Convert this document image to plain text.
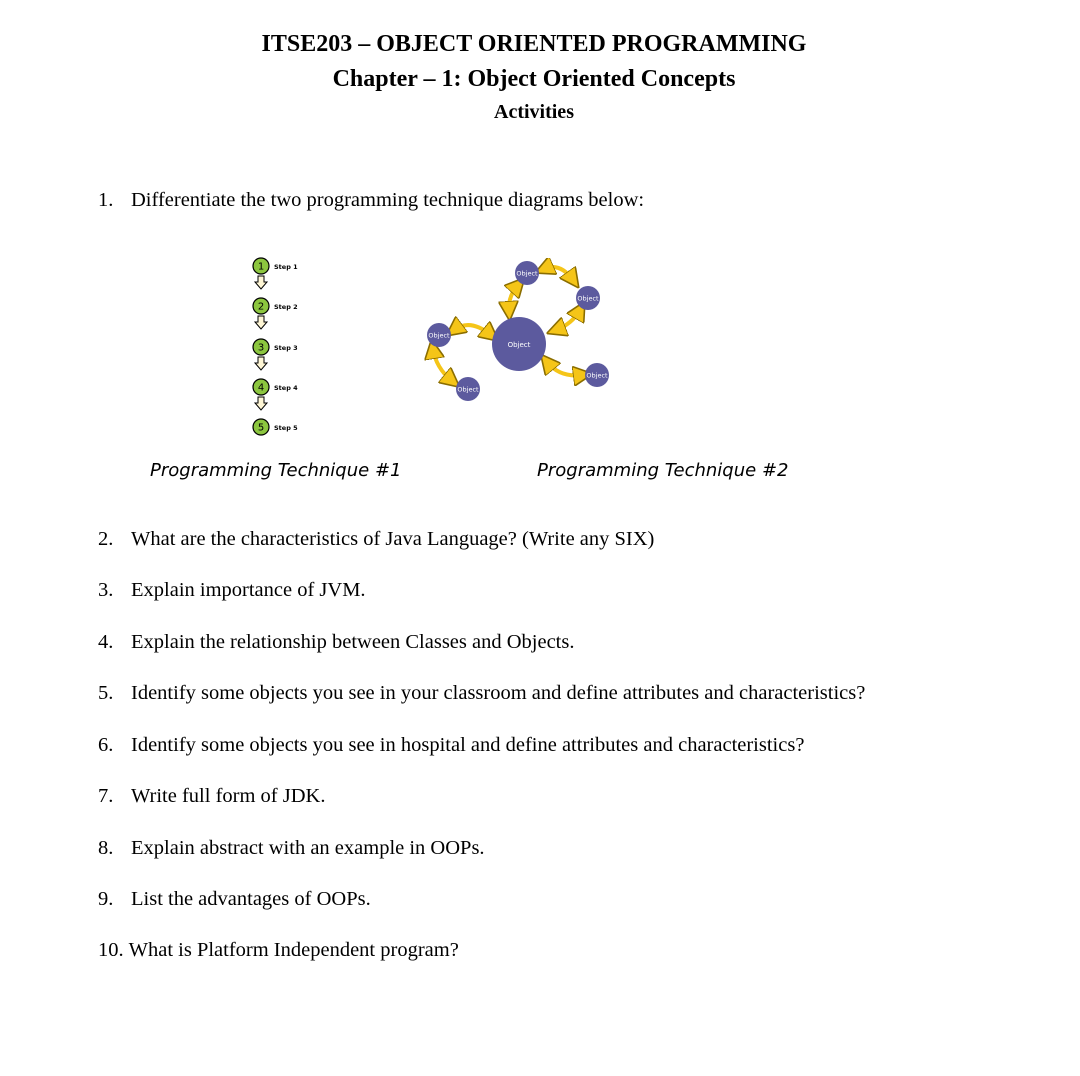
ITSE203 – OBJECT ORIENTED PROGRAMMING
Chapter – 1: Object Oriented Concepts
Activities
1. Differentiate the two programming technique diagrams below:
1 Step 1
2 Step 2
3 Step 3
4 Step 4
5 Step 5
Object
Object
Object
Object
Object
Object
Programming Technique #1	Programming Technique #2
2. What are the characteristics of Java Language? (Write any SIX)
3. Explain importance of JVM.
4. Explain the relationship between Classes and Objects.
5. Identify some objects you see in your classroom and define attributes and characteristics?
6. Identify some objects you see in hospital and define attributes and characteristics?
7. Write full form of JDK.
8. Explain abstract with an example in OOPs.
9. List the advantages of OOPs.
10. What is Platform Independent program?
